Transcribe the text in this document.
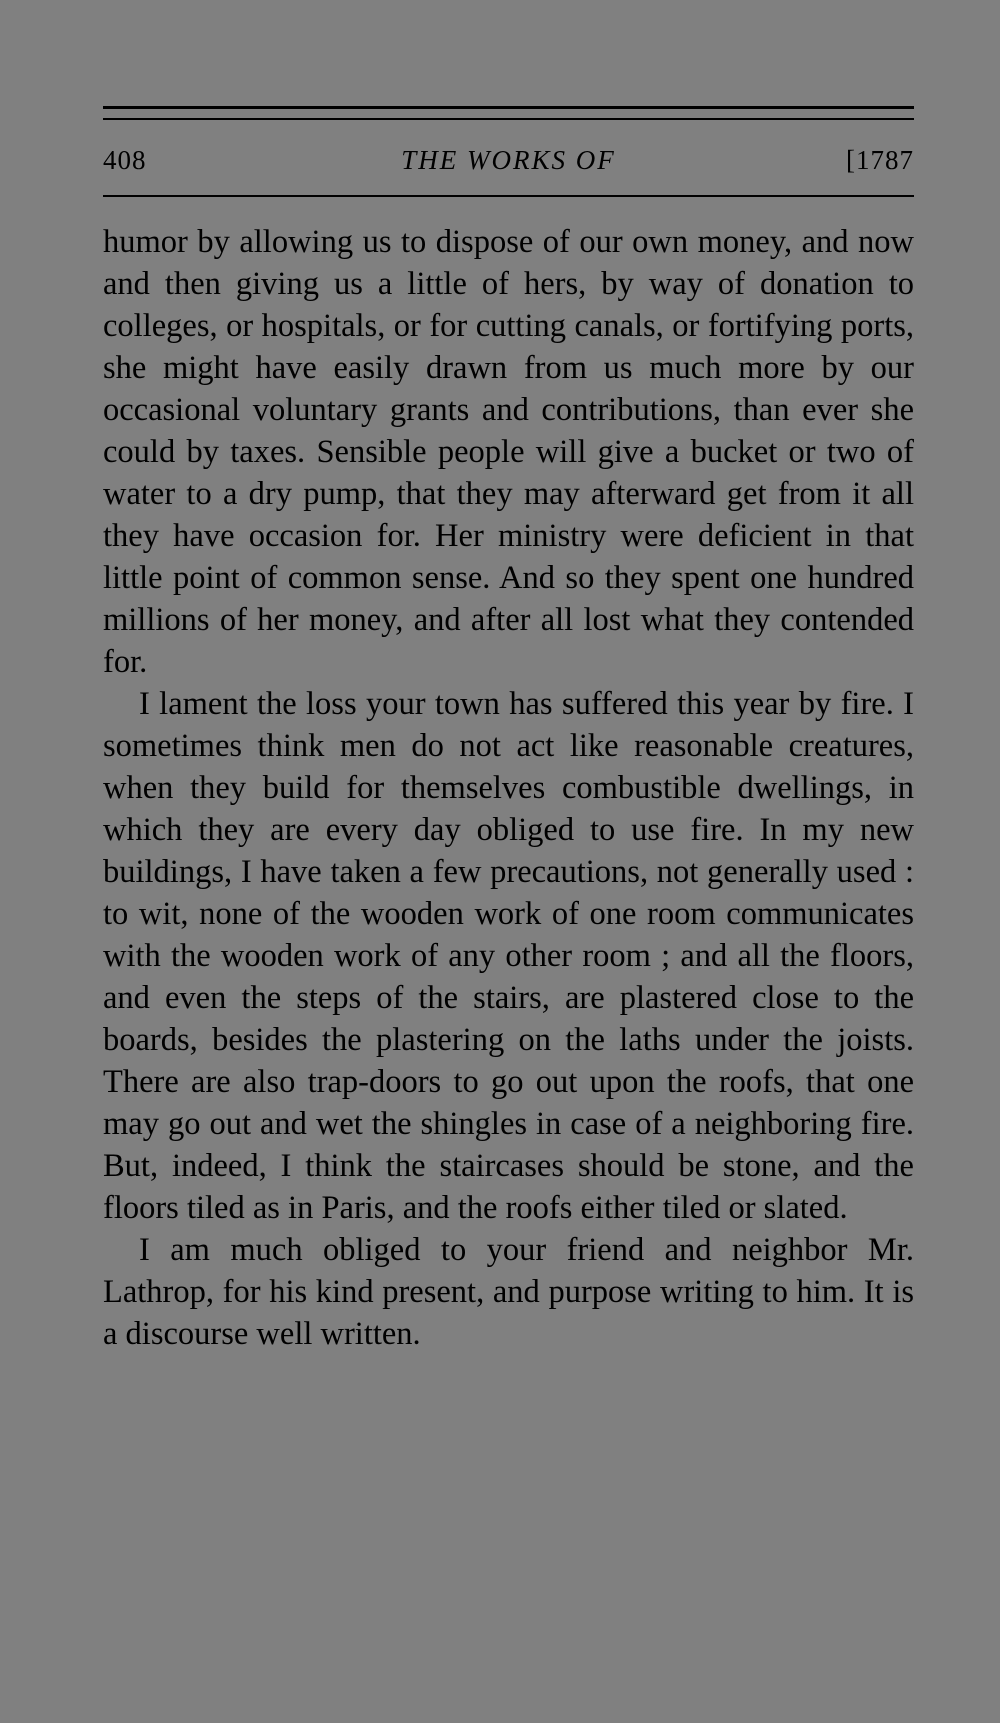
408	THE WORKS OF	[1787

humor by allowing us to dispose of our own money, and now and then giving us a little of hers, by way of donation to colleges, or hospitals, or for cutting canals, or fortifying ports, she might have easily drawn from us much more by our occasional voluntary grants and contributions, than ever she could by taxes. Sensible people will give a bucket or two of water to a dry pump, that they may afterward get from it all they have occasion for. Her ministry were deficient in that little point of common sense. And so they spent one hundred millions of her money, and after all lost what they contended for.

I lament the loss your town has suffered this year by fire. I sometimes think men do not act like reasonable creatures, when they build for themselves combustible dwellings, in which they are every day obliged to use fire. In my new buildings, I have taken a few precautions, not generally used : to wit, none of the wooden work of one room communicates with the wooden work of any other room ; and all the floors, and even the steps of the stairs, are plastered close to the boards, besides the plastering on the laths under the joists. There are also trap-doors to go out upon the roofs, that one may go out and wet the shingles in case of a neighboring fire. But, indeed, I think the staircases should be stone, and the floors tiled as in Paris, and the roofs either tiled or slated.

I am much obliged to your friend and neighbor Mr. Lathrop, for his kind present, and purpose writing to him. It is a discourse well written.
